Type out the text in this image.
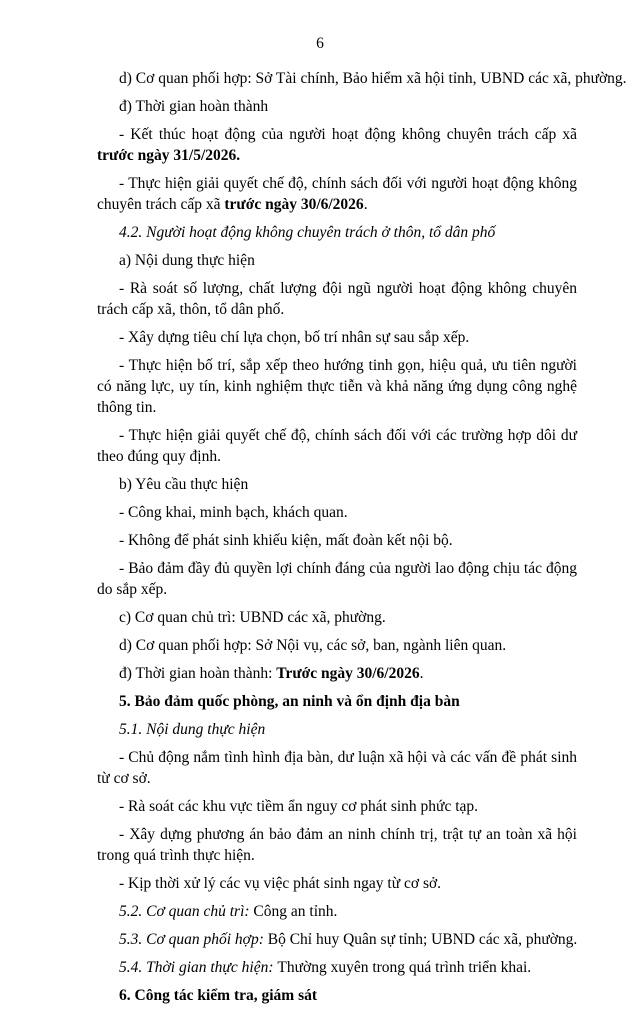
6
d) Cơ quan phối hợp: Sở Tài chính, Bảo hiểm xã hội tỉnh, UBND các xã, phường.
đ) Thời gian hoàn thành
- Kết thúc hoạt động của người hoạt động không chuyên trách cấp xã trước ngày 31/5/2026.
- Thực hiện giải quyết chế độ, chính sách đối với người hoạt động không chuyên trách cấp xã trước ngày 30/6/2026.
4.2. Người hoạt động không chuyên trách ở thôn, tổ dân phố
a) Nội dung thực hiện
- Rà soát số lượng, chất lượng đội ngũ người hoạt động không chuyên trách cấp xã, thôn, tổ dân phố.
- Xây dựng tiêu chí lựa chọn, bố trí nhân sự sau sắp xếp.
- Thực hiện bố trí, sắp xếp theo hướng tinh gọn, hiệu quả, ưu tiên người có năng lực, uy tín, kinh nghiệm thực tiễn và khả năng ứng dụng công nghệ thông tin.
- Thực hiện giải quyết chế độ, chính sách đối với các trường hợp dôi dư theo đúng quy định.
b) Yêu cầu thực hiện
- Công khai, minh bạch, khách quan.
- Không để phát sinh khiếu kiện, mất đoàn kết nội bộ.
- Bảo đảm đầy đủ quyền lợi chính đáng của người lao động chịu tác động do sắp xếp.
c) Cơ quan chủ trì: UBND các xã, phường.
d) Cơ quan phối hợp: Sở Nội vụ, các sở, ban, ngành liên quan.
đ) Thời gian hoàn thành: Trước ngày 30/6/2026.
5. Bảo đảm quốc phòng, an ninh và ổn định địa bàn
5.1. Nội dung thực hiện
- Chủ động nắm tình hình địa bàn, dư luận xã hội và các vấn đề phát sinh từ cơ sở.
- Rà soát các khu vực tiềm ẩn nguy cơ phát sinh phức tạp.
- Xây dựng phương án bảo đảm an ninh chính trị, trật tự an toàn xã hội trong quá trình thực hiện.
- Kịp thời xử lý các vụ việc phát sinh ngay từ cơ sở.
5.2. Cơ quan chủ trì: Công an tỉnh.
5.3. Cơ quan phối hợp: Bộ Chỉ huy Quân sự tỉnh; UBND các xã, phường.
5.4. Thời gian thực hiện: Thường xuyên trong quá trình triển khai.
6. Công tác kiểm tra, giám sát
